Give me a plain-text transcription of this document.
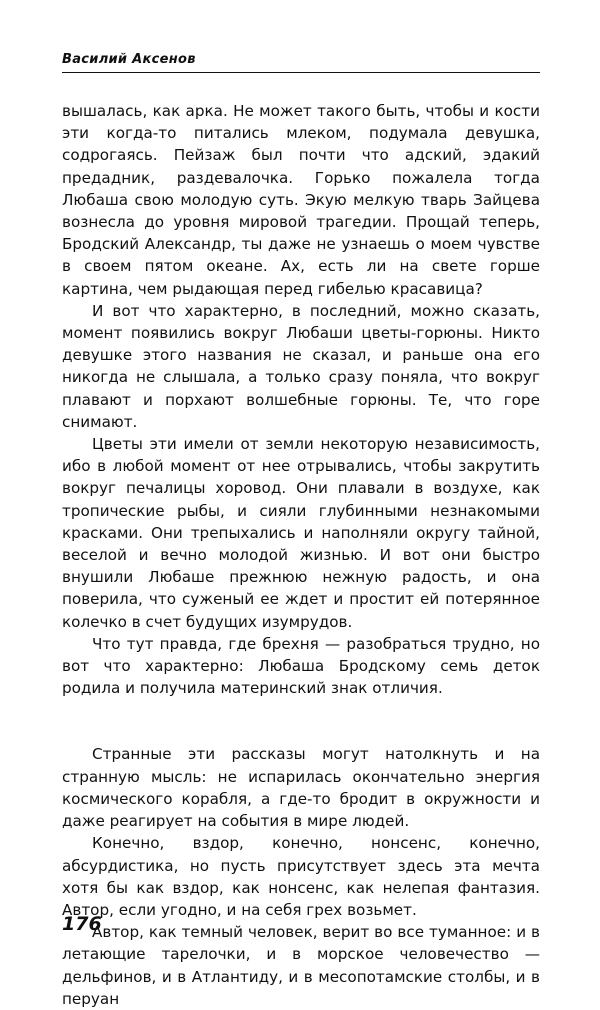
Василий Аксенов

вышалась, как арка. Не может такого быть, чтобы и кости эти когда-то питались млеком, подумала девушка, содрогаясь. Пейзаж был почти что адский, эдакий предадник, раздевалочка. Горько пожалела тогда Любаша свою молодую суть. Экую мелкую тварь Зайцева вознесла до уровня мировой трагедии. Прощай теперь, Бродский Александр, ты даже не узнаешь о моем чувстве в своем пятом океане. Ах, есть ли на свете горше картина, чем рыдающая перед гибелью красавица?

И вот что характерно, в последний, можно сказать, момент появились вокруг Любаши цветы-горюны. Никто девушке этого названия не сказал, и раньше она его никогда не слышала, а только сразу поняла, что вокруг плавают и порхают волшебные горюны. Те, что горе снимают.

Цветы эти имели от земли некоторую независимость, ибо в любой момент от нее отрывались, чтобы закрутить вокруг печалицы хоровод. Они плавали в воздухе, как тропические рыбы, и сияли глубинными незнакомыми красками. Они трепыхались и наполняли округу тайной, веселой и вечно молодой жизнью. И вот они быстро внушили Любаше прежнюю нежную радость, и она поверила, что суженый ее ждет и простит ей потерянное колечко в счет будущих изумрудов.

Что тут правда, где брехня — разобраться трудно, но вот что характерно: Любаша Бродскому семь деток родила и получила материнский знак отличия.

Странные эти рассказы могут натолкнуть и на странную мысль: не испарилась окончательно энергия космического корабля, а где-то бродит в окружности и даже реагирует на события в мире людей.

Конечно, вздор, конечно, нонсенс, конечно, абсурдистика, но пусть присутствует здесь эта мечта хотя бы как вздор, как нонсенс, как нелепая фантазия. Автор, если угодно, и на себя грех возьмет.

Автор, как темный человек, верит во все туманное: и в летающие тарелочки, и в морское человечество — дельфинов, и в Атлантиду, и в месопотамские столбы, и в перуан

176
